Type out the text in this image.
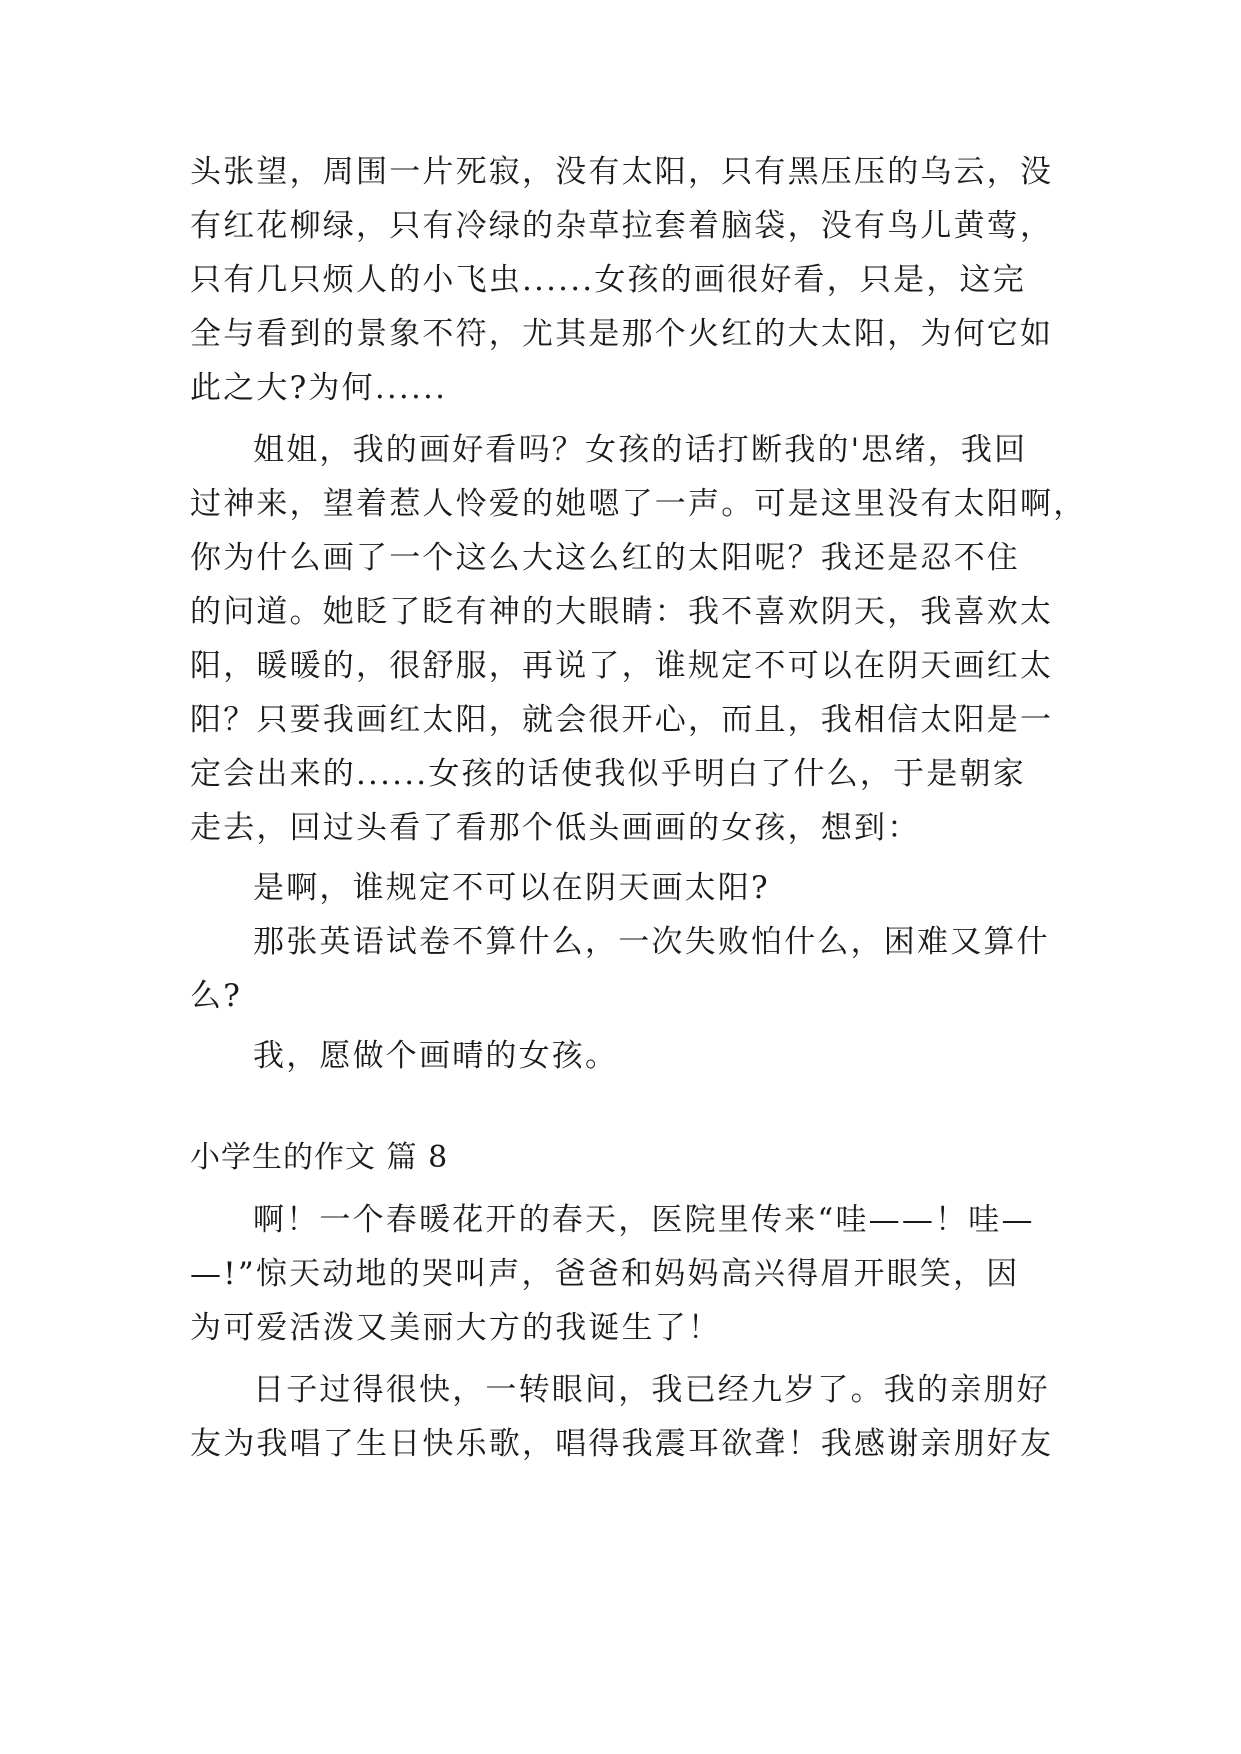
头张望，周围一片死寂，没有太阳，只有黑压压的乌云，没
有红花柳绿，只有冷绿的杂草拉套着脑袋，没有鸟儿黄莺，
只有几只烦人的小飞虫......女孩的画很好看，只是，这完
全与看到的景象不符，尤其是那个火红的大太阳，为何它如
此之大?为何......
姐姐，我的画好看吗？女孩的话打断我的'思绪，我回
过神来，望着惹人怜爱的她嗯了一声。可是这里没有太阳啊，
你为什么画了一个这么大这么红的太阳呢？我还是忍不住
的问道。她眨了眨有神的大眼睛：我不喜欢阴天，我喜欢太
阳，暖暖的，很舒服，再说了，谁规定不可以在阴天画红太
阳？只要我画红太阳，就会很开心，而且，我相信太阳是一
定会出来的......女孩的话使我似乎明白了什么，于是朝家
走去，回过头看了看那个低头画画的女孩，想到：
是啊，谁规定不可以在阴天画太阳?
那张英语试卷不算什么，一次失败怕什么，困难又算什
么?
我，愿做个画晴的女孩。
小学生的作文 篇 8
啊！一个春暖花开的春天，医院里传来“哇——！哇—
—!”惊天动地的哭叫声，爸爸和妈妈高兴得眉开眼笑，因
为可爱活泼又美丽大方的我诞生了！
日子过得很快，一转眼间，我已经九岁了。我的亲朋好
友为我唱了生日快乐歌，唱得我震耳欲聋！我感谢亲朋好友
